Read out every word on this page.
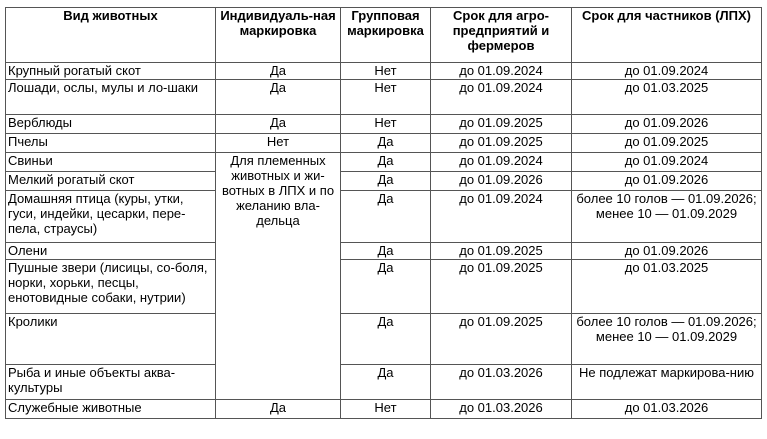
Вид животных	Индивидуаль-ная маркировка	Групповая маркировка	Срок для агро-предприятий и фермеров	Срок для частников (ЛПХ)
Крупный рогатый скот	Да	Нет	до 01.09.2024	до 01.09.2024
Лошади, ослы, мулы и ло-шаки	Да	Нет	до 01.09.2024	до 01.03.2025
Верблюды	Да	Нет	до 01.09.2025	до 01.09.2026
Пчелы	Нет	Да	до 01.09.2025	до 01.09.2025
Свиньи	Для племенных животных и жи-вотных в ЛПХ и по желанию вла-дельца	Да	до 01.09.2024	до 01.09.2024
Мелкий рогатый скот		Да	до 01.09.2026	до 01.09.2026
Домашняя птица (куры, утки, гуси, индейки, цесарки, пере-пела, страусы)		Да	до 01.09.2024	более 10 голов — 01.09.2026; менее 10 — 01.09.2029
Олени		Да	до 01.09.2025	до 01.09.2026
Пушные звери (лисицы, со-боля, норки, хорьки, песцы, енотовидные собаки, нутрии)		Да	до 01.09.2025	до 01.03.2025
Кролики		Да	до 01.09.2025	более 10 голов — 01.09.2026; менее 10 — 01.09.2029
Рыба и иные объекты аква-культуры		Да	до 01.03.2026	Не подлежат маркирова-нию
Служебные животные	Да	Нет	до 01.03.2026	до 01.03.2026
